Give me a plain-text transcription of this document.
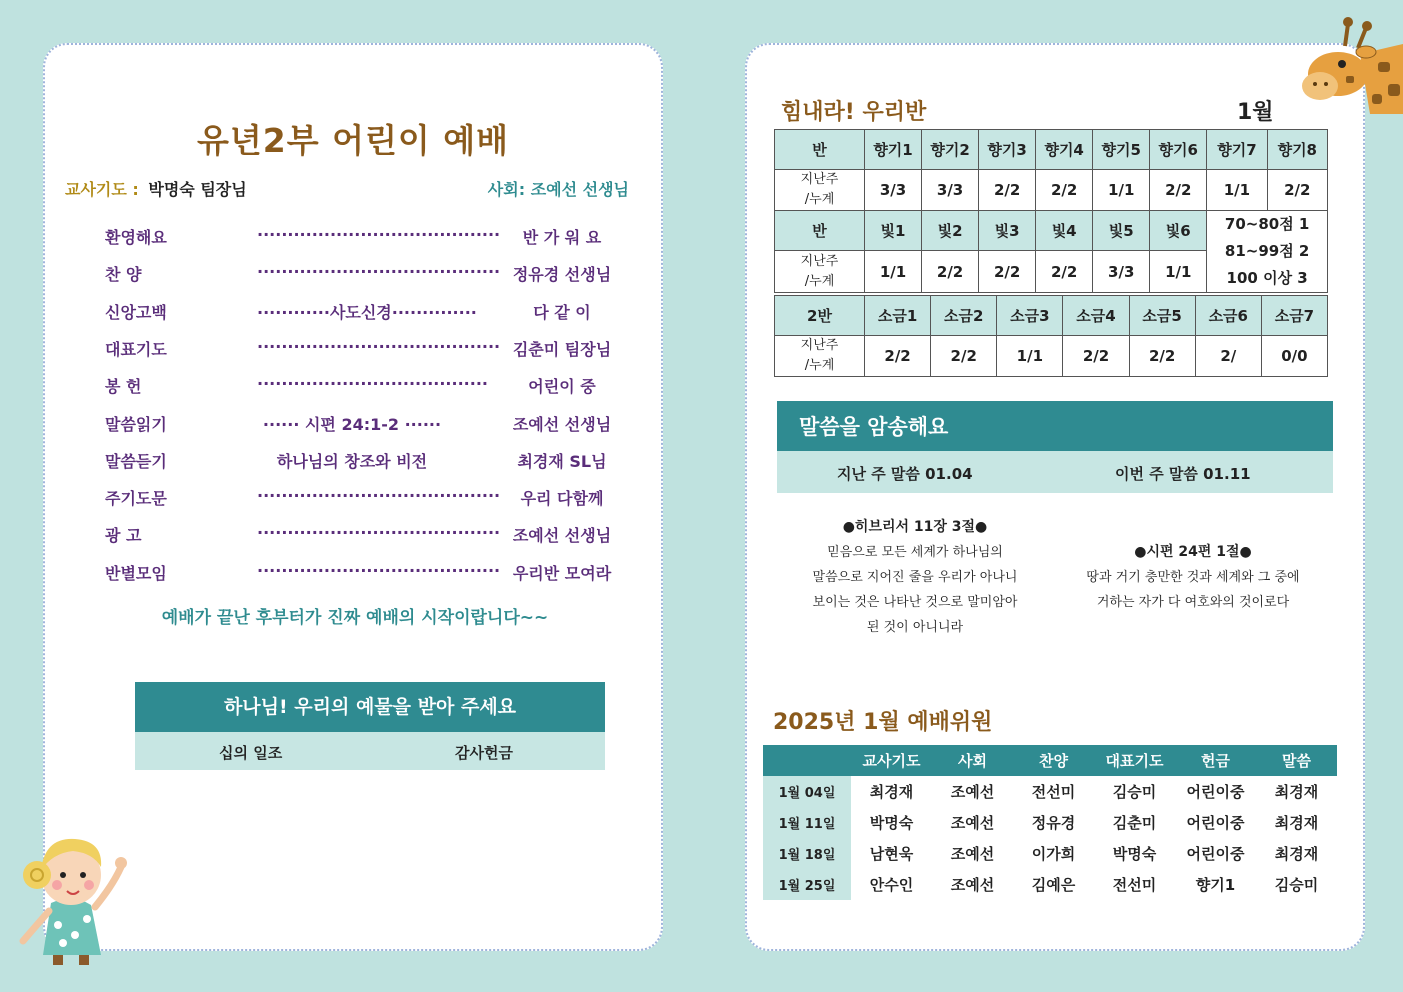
유년2부 어린이 예배
교사기도 : 박명숙 팀장님	사회: 조예선 선생님
환영해요	········································	반 가 워 요
찬 양	········································ 정유경 선생님
신앙고백	············사도신경··············	다 같 이
대표기도	········································ 김춘미 팀장님
봉 헌	······································	어린이 중
말씀읽기	······ 시편 24:1-2 ······	조예선 선생님
말씀듣기	하나님의 창조와 비전	최경재 SL님
주기도문	········································	우리 다함께
광 고	········································ 조예선 선생님
반별모임	········································ 우리반 모여라
예배가 끝난 후부터가 진짜 예배의 시작이랍니다~~
하나님! 우리의 예물을 받아 주세요
십의 일조	감사헌금
힘내라! 우리반	1월
반	향기1	향기2	향기3	향기4	향기5	향기6	향기7	향기8
지난주
/누계	3/3	3/3	2/2	2/2	1/1	2/2	1/1	2/2
반	빛1	빛2	빛3	빛4	빛5	빛6	70~80점 1
81~99점 2
100 이상 3	

지난주
/누계	1/1	2/2	2/2	2/2	3/3	1/1		
2반	소금1	소금2	소금3	소금4	소금5	소금6	소금7
지난주
/누계	2/2	2/2	1/1	2/2	2/2	2/	0/0
말씀을 암송해요
지난 주 말씀 01.04	이번 주 말씀 01.11
●히브리서 11장 3절●
믿음으로 모든 세계가 하나님의
말씀으로 지어진 줄을 우리가 아나니
보이는 것은 나타난 것으로 말미암아
된 것이 아니니라
●시편 24편 1절●
땅과 거기 충만한 것과 세계와 그 중에
거하는 자가 다 여호와의 것이로다
2025년 1월 예배위원
	교사기도	사회	찬양	대표기도	헌금	말씀
1월 04일	최경재	조예선	전선미	김승미	어린이중	최경재
1월 11일	박명숙	조예선	정유경	김춘미	어린이중	최경재
1월 18일	남현욱	조예선	이가희	박명숙	어린이중	최경재
1월 25일	안수인	조예선	김예은	전선미	향기1	김승미
